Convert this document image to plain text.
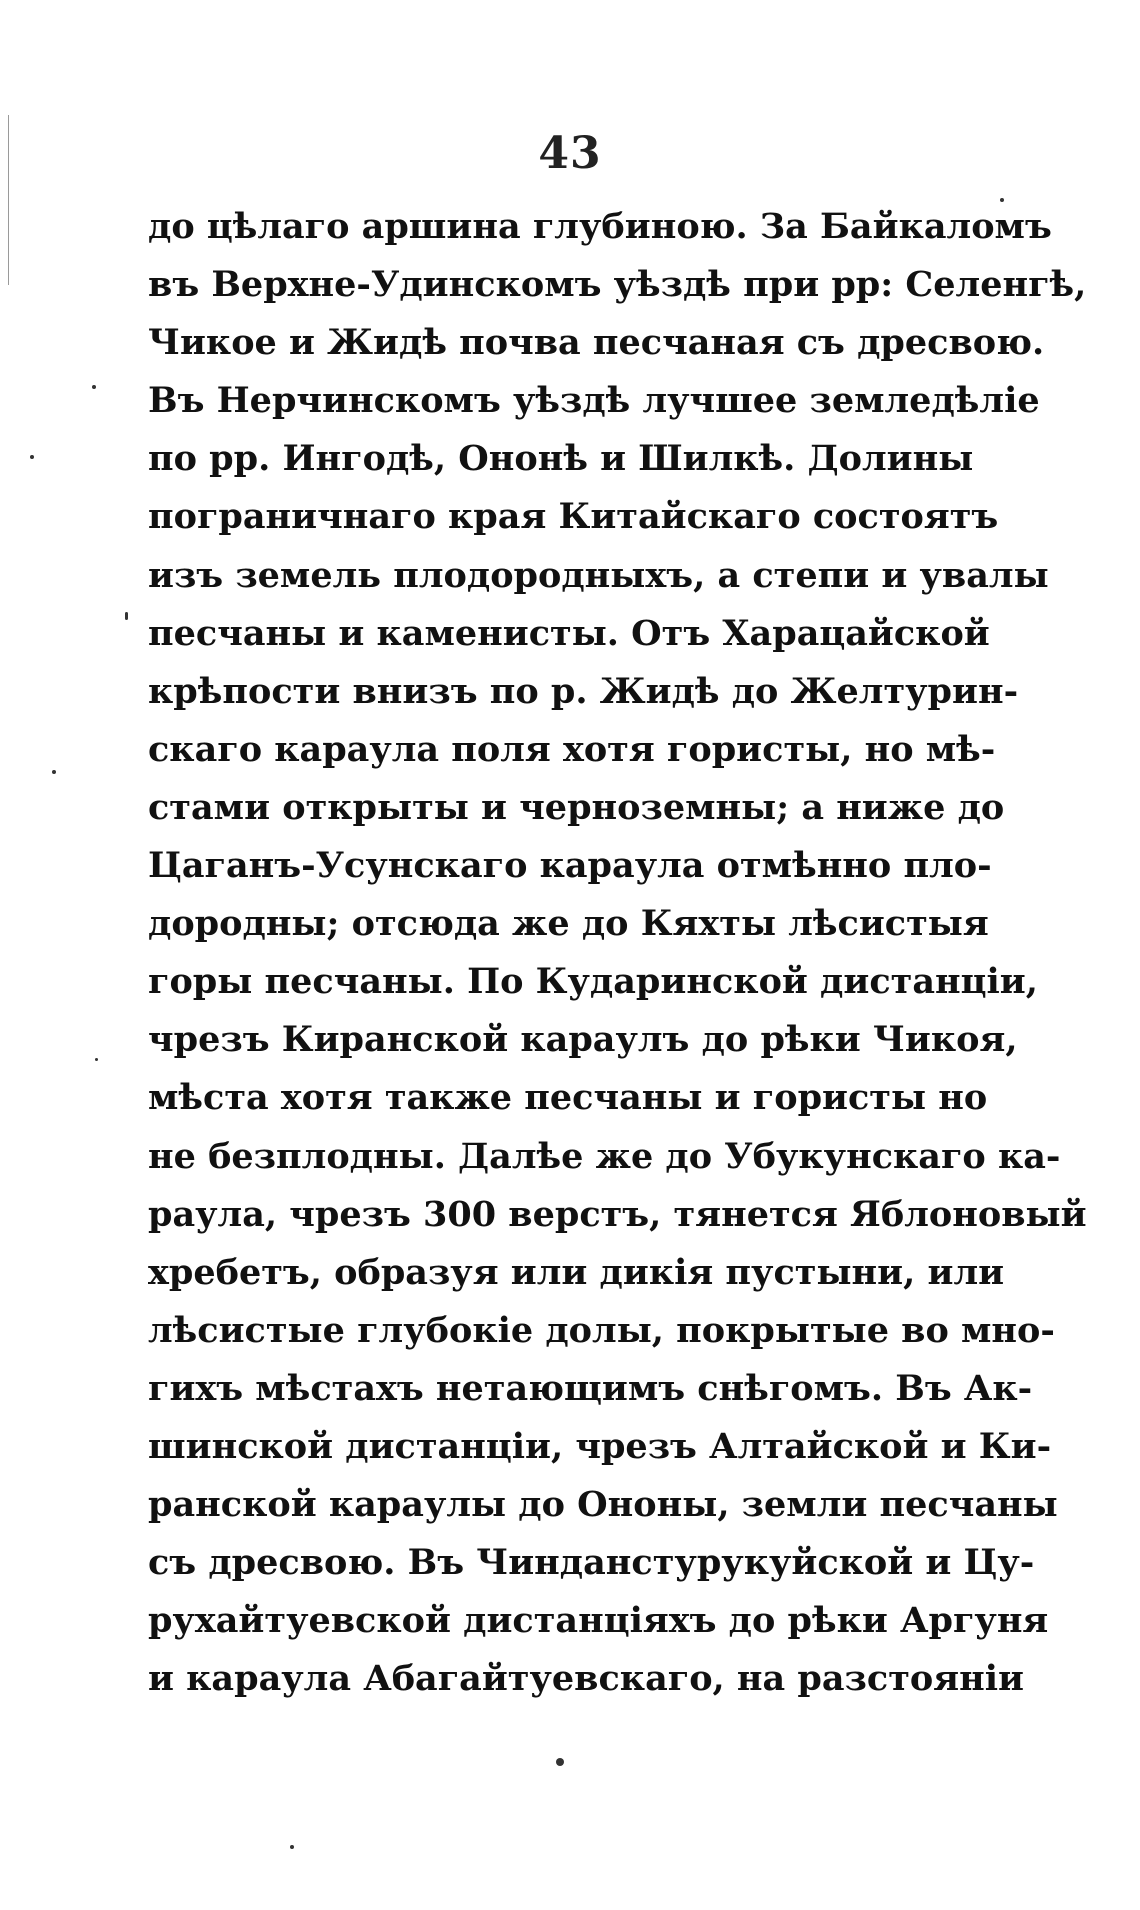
43
до цѣлаго аршина глубиною. За Байкаломъ
въ Верхне-Удинскомъ уѣздѣ при рр: Селенгѣ,
Чикое и Жидѣ почва песчаная съ дресвою.
Въ Нерчинскомъ уѣздѣ лучшее земледѣліе
по рр. Ингодѣ, Ононѣ и Шилкѣ. Долины
пограничнаго края Китайскаго состоятъ
изъ земель плодородныхъ, а степи и увалы
песчаны и каменисты. Отъ Харацайской
крѣпости внизъ по р. Жидѣ до Желтурин-
скаго караула поля хотя гористы, но мѣ-
стами открыты и черноземны; а ниже до
Цаганъ-Усунскаго караула отмѣнно пло-
дородны; отсюда же до Кяхты лѣсистыя
горы песчаны. По Кударинской дистанціи,
чрезъ Киранской караулъ до рѣки Чикоя,
мѣста хотя также песчаны и гористы но
не безплодны. Далѣе же до Убукунскаго ка-
раула, чрезъ 300 верстъ, тянется Яблоновый
хребетъ, образуя или дикія пустыни, или
лѣсистые глубокіе долы, покрытые во мно-
гихъ мѣстахъ нетающимъ снѣгомъ. Въ Ак-
шинской дистанціи, чрезъ Алтайской и Ки-
ранской караулы до Ононы, земли песчаны
съ дресвою. Въ Чинданстурукуйской и Цу-
рухайтуевской дистанціяхъ до рѣки Аргуня
и караула Абагайтуевскаго, на разстояніи
